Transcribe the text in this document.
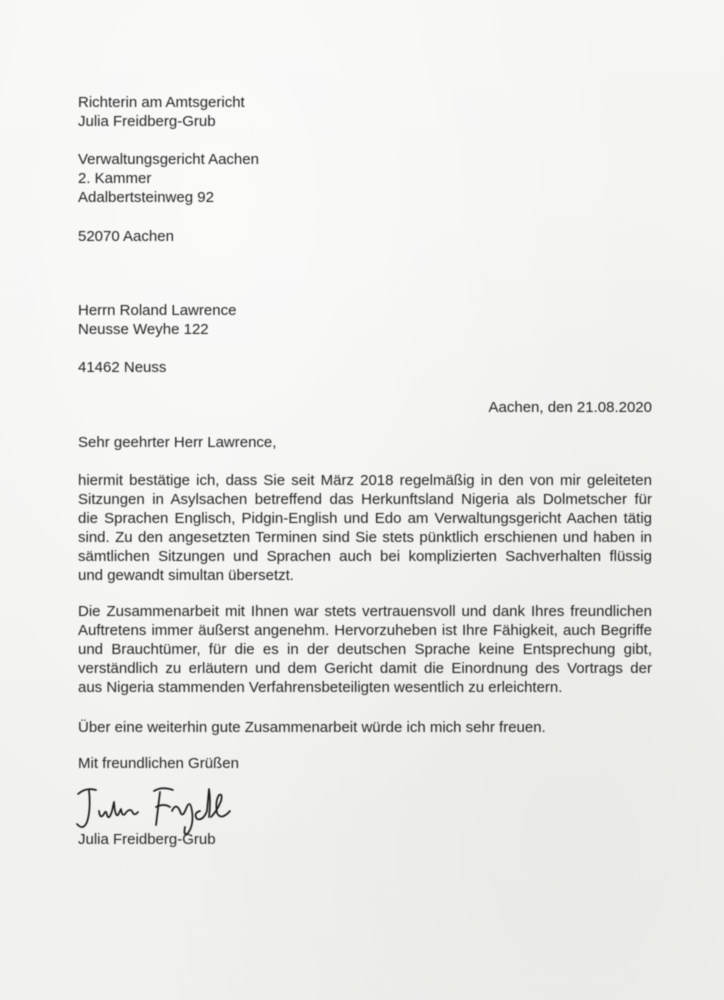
Richterin am Amtsgericht
Julia Freidberg-Grub
Verwaltungsgericht Aachen
2. Kammer
Adalbertsteinweg 92
52070 Aachen
Herrn Roland Lawrence
Neusse Weyhe 122
41462 Neuss
Aachen, den 21.08.2020
Sehr geehrter Herr Lawrence,
hiermit bestätige ich, dass Sie seit März 2018 regelmäßig in den von mir geleiteten
Sitzungen in Asylsachen betreffend das Herkunftsland Nigeria als Dolmetscher für
die Sprachen Englisch, Pidgin-English und Edo am Verwaltungsgericht Aachen tätig
sind. Zu den angesetzten Terminen sind Sie stets pünktlich erschienen und haben in
sämtlichen Sitzungen und Sprachen auch bei komplizierten Sachverhalten flüssig
und gewandt simultan übersetzt.
Die Zusammenarbeit mit Ihnen war stets vertrauensvoll und dank Ihres freundlichen
Auftretens immer äußerst angenehm. Hervorzuheben ist Ihre Fähigkeit, auch Begriffe
und Brauchtümer, für die es in der deutschen Sprache keine Entsprechung gibt,
verständlich zu erläutern und dem Gericht damit die Einordnung des Vortrags der
aus Nigeria stammenden Verfahrensbeteiligten wesentlich zu erleichtern.
Über eine weiterhin gute Zusammenarbeit würde ich mich sehr freuen.
Mit freundlichen Grüßen
Julia Freidberg-Grub
